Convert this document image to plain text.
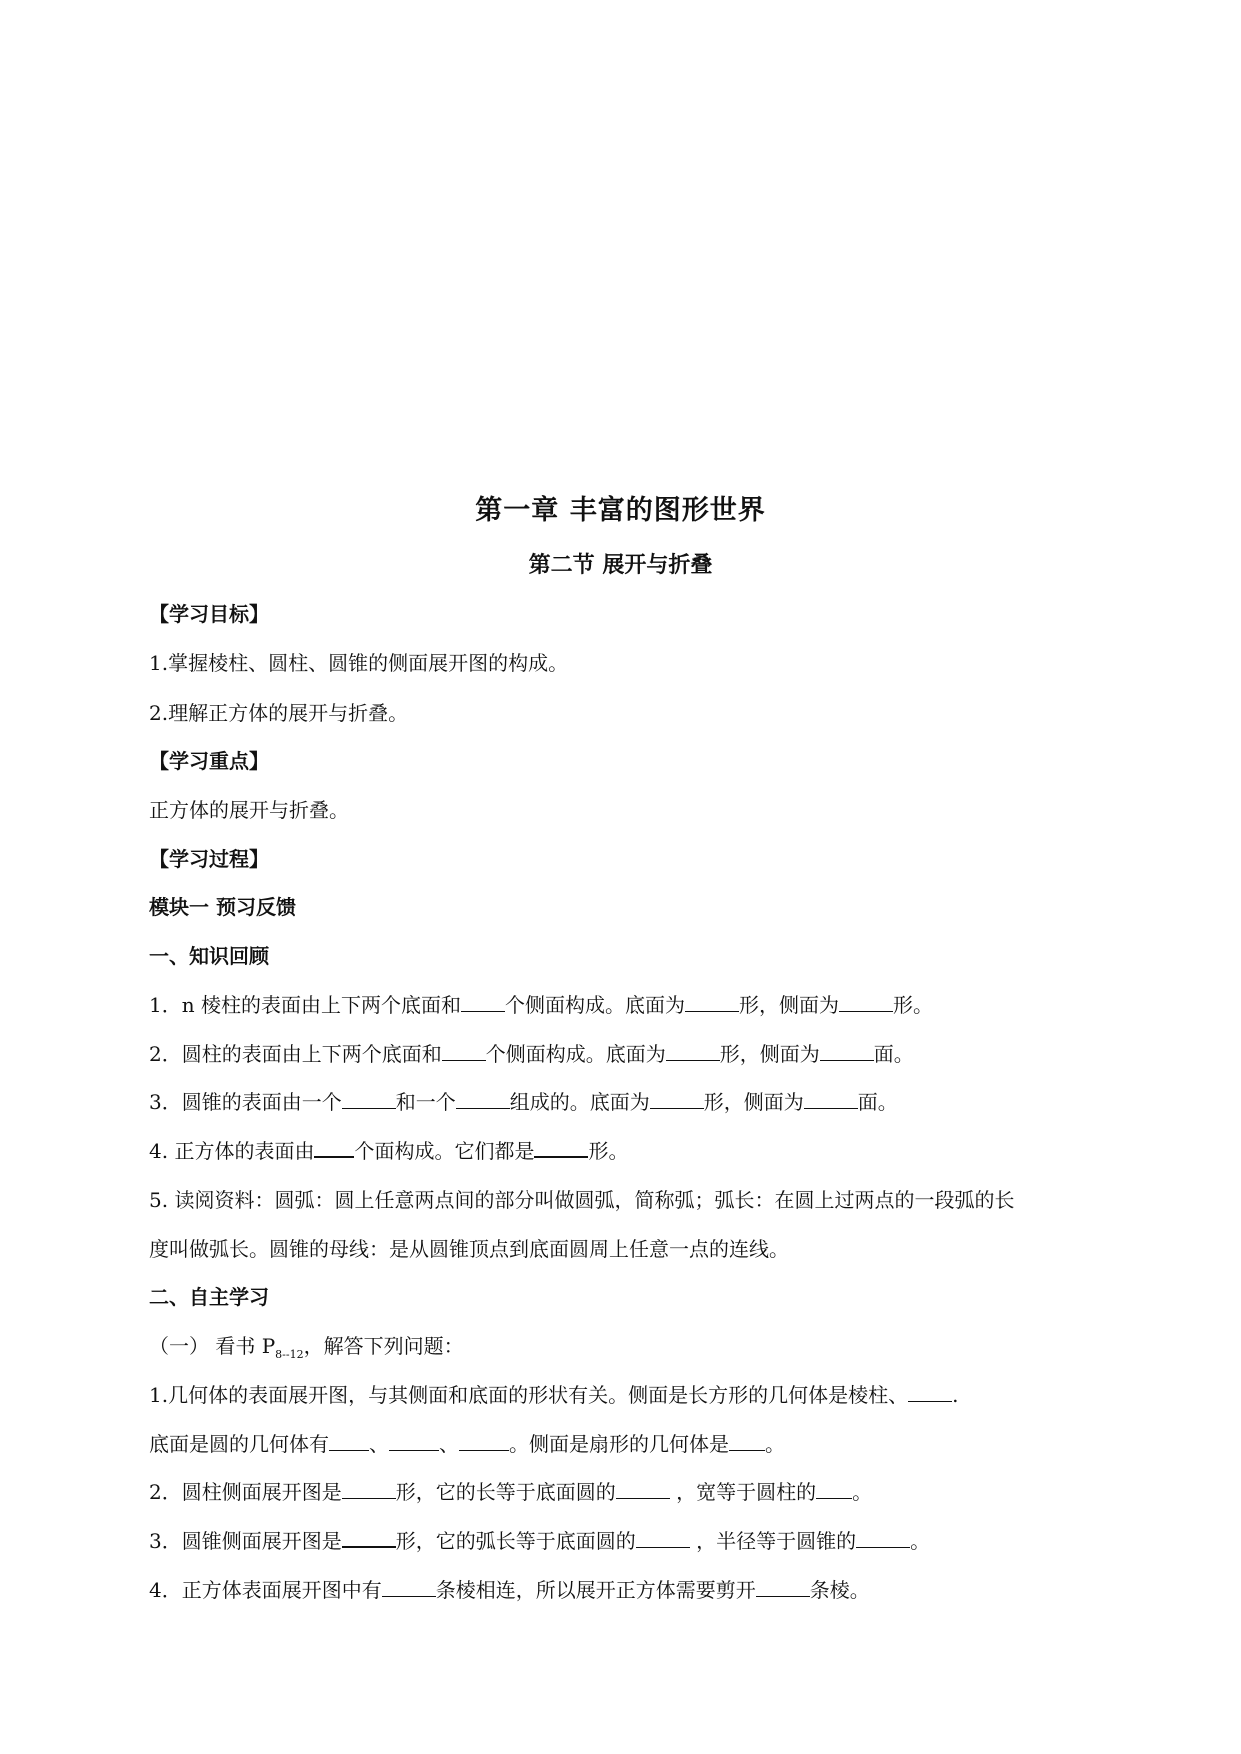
第一章 丰富的图形世界
第二节 展开与折叠
【学习目标】
1.掌握棱柱、圆柱、圆锥的侧面展开图的构成。
2.理解正方体的展开与折叠。
【学习重点】
正方体的展开与折叠。
【学习过程】
模块一 预习反馈
一、知识回顾
1．n 棱柱的表面由上下两个底面和 个侧面构成。底面为	形，侧面为	形。
2．圆柱的表面由上下两个底面和 个侧面构成。底面为	形，侧面为	面。
3．圆锥的表面由一个	和一个	组成的。底面为	形，侧面为	面。
4. 正方体的表面由 个面构成。它们都是	形。
5. 读阅资料：圆弧：圆上任意两点间的部分叫做圆弧，简称弧；弧长：在圆上过两点的一段弧的长
度叫做弧长。圆锥的母线：是从圆锥顶点到底面圆周上任意一点的连线。
二、自主学习
（一） 看书 $P_{8--12}$，解答下列问题：
1.几何体的表面展开图，与其侧面和底面的形状有关。侧面是长方形的几何体是棱柱、 .
底面是圆的几何体有 、	、	。侧面是扇形的几何体是 。
2．圆柱侧面展开图是	形，它的长等于底面圆的	，宽等于圆柱的 。
3．圆锥侧面展开图是	形，它的弧长等于底面圆的	，半径等于圆锥的	。
4．正方体表面展开图中有	条棱相连，所以展开正方体需要剪开	条棱。
